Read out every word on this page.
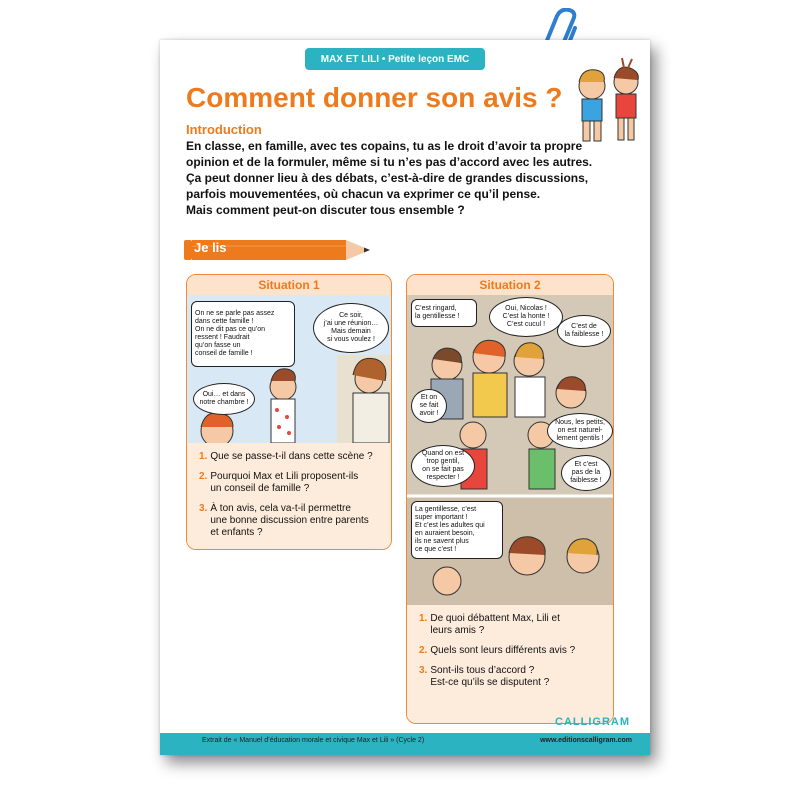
MAX ET LILI • Petite leçon EMC
Comment donner son avis ?
Introduction
En classe, en famille, avec tes copains, tu as le droit d’avoir ta propre
opinion et de la formuler, même si tu n’es pas d’accord avec les autres.
Ça peut donner lieu à des débats, c’est-à-dire de grandes discussions,
parfois mouvementées, où chacun va exprimer ce qu’il pense.
Mais comment peut-on discuter tous ensemble ?
Je lis
Situation 1
On ne se parle pas assez
dans cette famille !
On ne dit pas ce qu’on
ressent ! Faudrait
qu’on fasse un
conseil de famille !
Ce soir,
j’ai une réunion…
Mais demain
si vous voulez !
Oui… et dans
notre chambre !
1. Que se passe-t-il dans cette scène ?
2. Pourquoi Max et Lili proposent-ils
un conseil de famille ?
3. À ton avis, cela va-t-il permettre
une bonne discussion entre parents
et enfants ?
Situation 2
C’est ringard,
la gentillesse !
Oui, Nicolas !
C’est la honte !
C’est cucul !	C’est de
la faiblesse !
Et on
se fait
avoir !
Nous, les petits,
on est naturel-
lement gentils !
Quand on est
trop gentil,
on se fait pas
respecter !
Et c’est
pas de la
faiblesse !
La gentillesse, c’est
super important !
Et c’est les adultes qui
en auraient besoin,
ils ne savent plus
ce que c’est !
1. De quoi débattent Max, Lili et
leurs amis ?
2. Quels sont leurs différents avis ?
3. Sont-ils tous d’accord ?
Est-ce qu’ils se disputent ?
CALLIGRAM
Extrait de « Manuel d’éducation morale et civique Max et Lili » (Cycle 2)	www.editionscalligram.com
